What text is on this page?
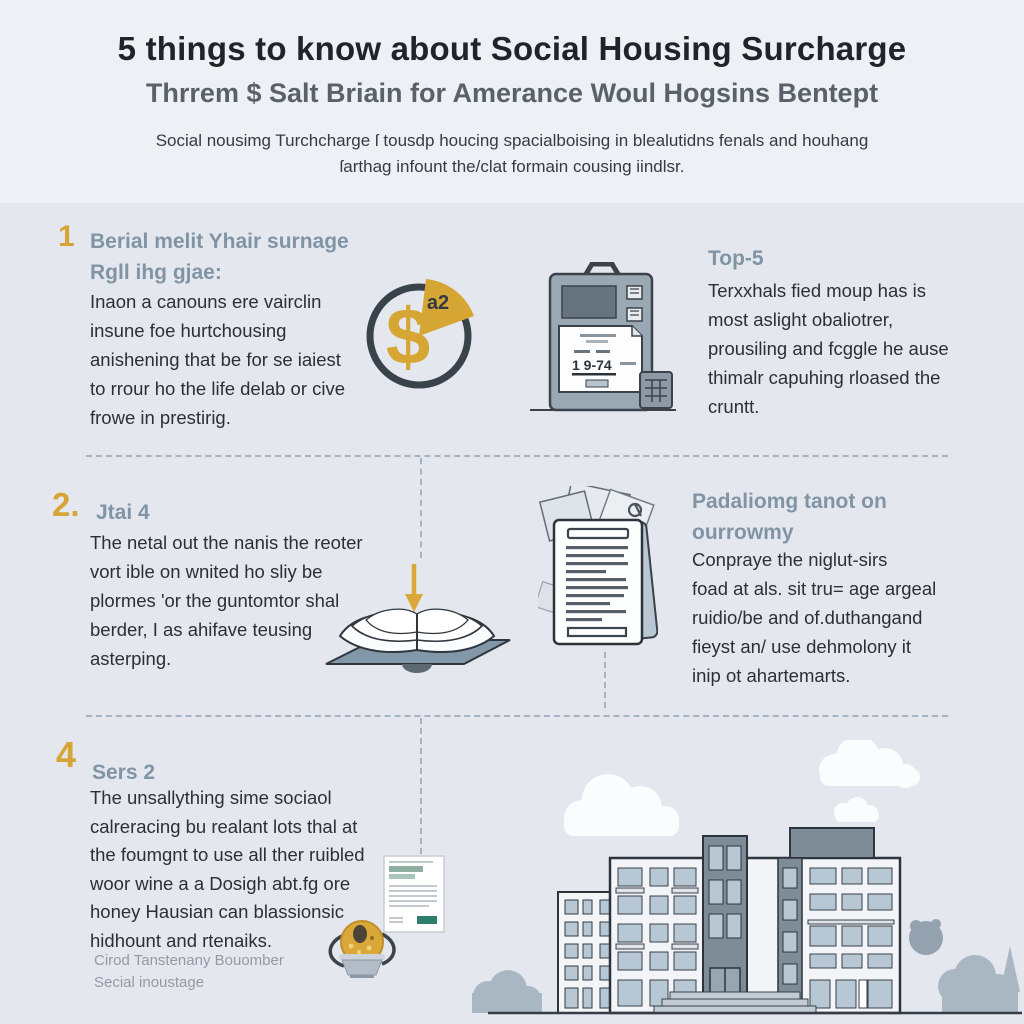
5 things to know about Social Housing Surcharge
Thrrem $ Salt Briain for Amerance Woul Hogsins Bentept
Social nousimg Turchcharge ſ tousdp houcing spacialboising in blealutidns fenals and houhang
ſarthag infount the/clat formain cousing iindlsr.
1 Berial melit Yhair surnage
Rgll ihg gjae:
Inaon a canouns ere vairclin
insune foe hurtchousing
anishening that be for se iaiest
to rrour ho the life delab or cive
frowe in prestirig.
a2
$	1 9-74
Top-5
Terxxhals fied moup has is
most aslight obaliotrer,
prousiling and fcggle he ause
thimalr capuhing rloased the
cruntt.
2. Jtai 4
The netal out the nanis the reoter
vort ible on wnited ho sliy be
plormes 'or the guntomtor shal
berder, I as ahifave teusing
asterping.
Padaliomg tanot on
ourrowmy
Conpraye the niglut-sirs
foad at als. sit tru= age argeal
ruidio/be and of.duthangand
fieyst an/ use dehmolony it
inip ot ahartemarts.
4 Sers 2
The unsallything sime sociaol
calreracing bu realant lots thal at
the foumgnt to use all ther ruibled
woor wine a a Dosigh abt.fg ore
honey Hausian can blassionsic
hidhount and rtenaiks.
Cirod Tanstenany Bouomber
Secial inoustage
